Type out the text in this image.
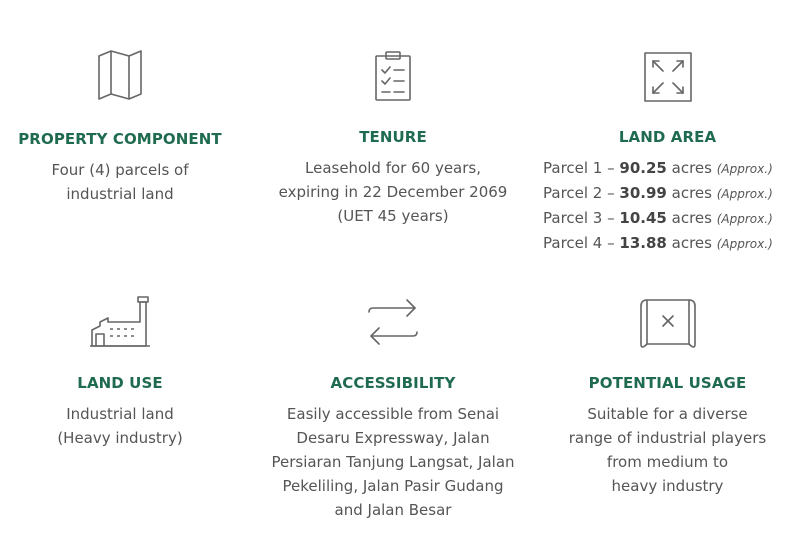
PROPERTY COMPONENT
Four (4) parcels of
industrial land
TENURE
Leasehold for 60 years,
expiring in 22 December 2069
(UET 45 years)
LAND AREA
Parcel 1 – 90.25 acres (Approx.)
Parcel 2 – 30.99 acres (Approx.)
Parcel 3 – 10.45 acres (Approx.)
Parcel 4 – 13.88 acres (Approx.)
LAND USE
Industrial land
(Heavy industry)
ACCESSIBILITY
Easily accessible from Senai
Desaru Expressway, Jalan
Persiaran Tanjung Langsat, Jalan
Pekeliling, Jalan Pasir Gudang
and Jalan Besar
POTENTIAL USAGE
Suitable for a diverse
range of industrial players
from medium to
heavy industry
